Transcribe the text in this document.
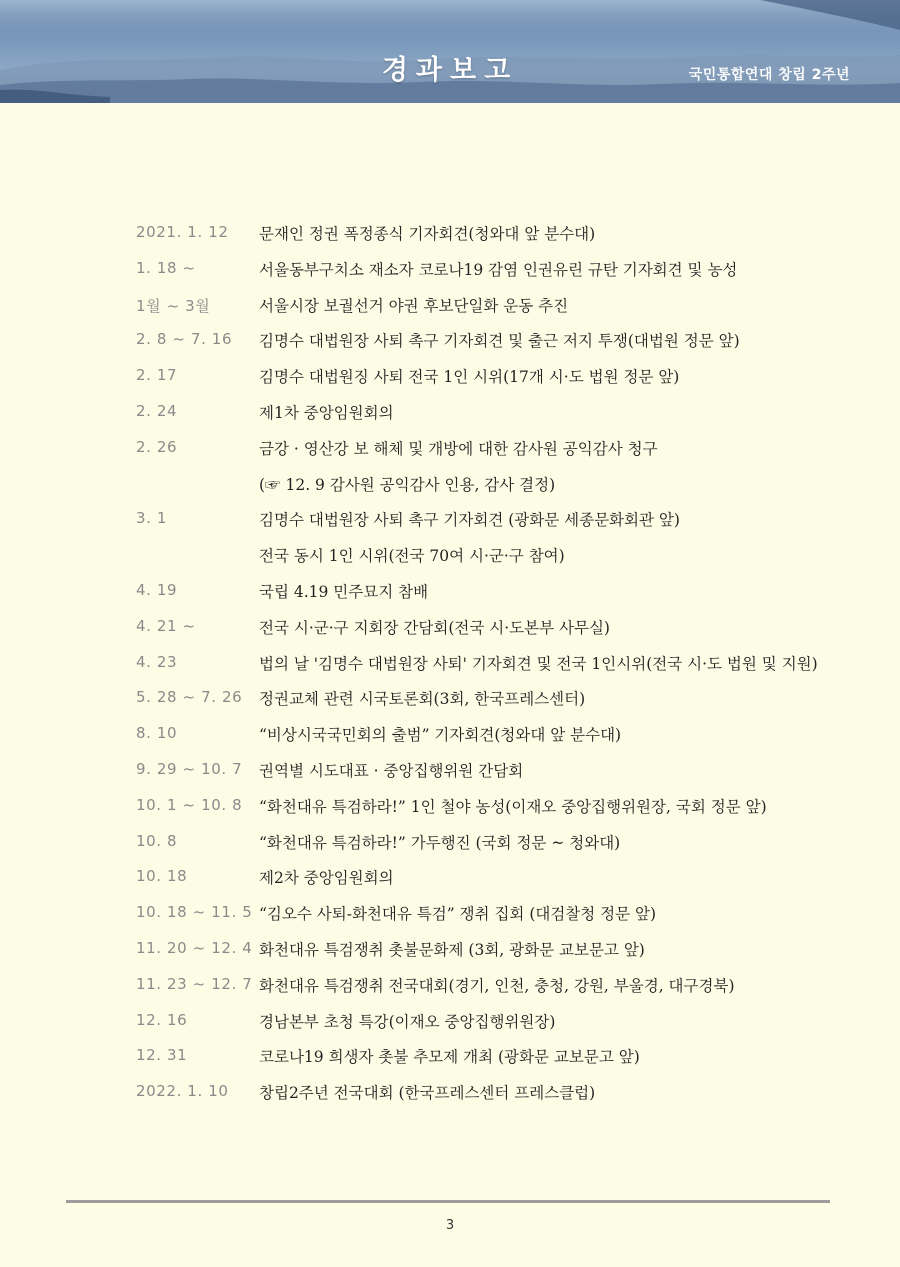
경과보고	국민통합연대 창립 2주년
2021. 1. 12 문재인 정권 폭정종식 기자회견(청와대 앞 분수대)
1. 18 ~	서울동부구치소 재소자 코로나19 감염 인권유린 규탄 기자회견 및 농성
1월 ~ 3월	서울시장 보궐선거 야권 후보단일화 운동 추진
2. 8 ~ 7. 16 김명수 대법원장 사퇴 촉구 기자회견 및 출근 저지 투쟁(대법원 정문 앞)
2. 17	김명수 대법원징 사퇴 전국 1인 시위(17개 시·도 법원 정문 앞)
2. 24	제1차 중앙임원회의
2. 26	금강 · 영산강 보 해체 및 개방에 대한 감사원 공익감사 청구
(☞ 12. 9 감사원 공익감사 인용, 감사 결정)
3. 1	김명수 대법원장 사퇴 촉구 기자회견 (광화문 세종문화회관 앞)
전국 동시 1인 시위(전국 70여 시·군·구 참여)
4. 19	국립 4.19 민주묘지 참배
4. 21 ~	전국 시·군·구 지회장 간담회(전국 시·도본부 사무실)
4. 23	법의 날 '김명수 대법원장 사퇴' 기자회견 및 전국 1인시위(전국 시·도 법원 및 지원)
5. 28 ~ 7. 26 정권교체 관련 시국토론회(3회, 한국프레스센터)
8. 10	“비상시국국민회의 출범” 기자회견(청와대 앞 분수대)
9. 29 ~ 10. 7 권역별 시도대표 · 중앙집행위원 간담회
10. 1 ~ 10. 8 “화천대유 특검하라!” 1인 철야 농성(이재오 중앙집행위원장, 국회 정문 앞)
10. 8	“화천대유 특검하라!” 가두행진 (국회 정문 ~ 청와대)
10. 18	제2차 중앙임원회의
10. 18 ~ 11. 5 “김오수 사퇴-화천대유 특검” 쟁취 집회 (대검찰청 정문 앞)
11. 20 ~ 12. 4 화천대유 특검쟁취 촛불문화제 (3회, 광화문 교보문고 앞)
11. 23 ~ 12. 7 화천대유 특검쟁취 전국대회(경기, 인천, 충청, 강원, 부울경, 대구경북)
12. 16	경남본부 초청 특강(이재오 중앙집행위원장)
12. 31	코로나19 희생자 촛불 추모제 개최 (광화문 교보문고 앞)
2022. 1. 10 창립2주년 전국대회 (한국프레스센터 프레스클럽)
3
